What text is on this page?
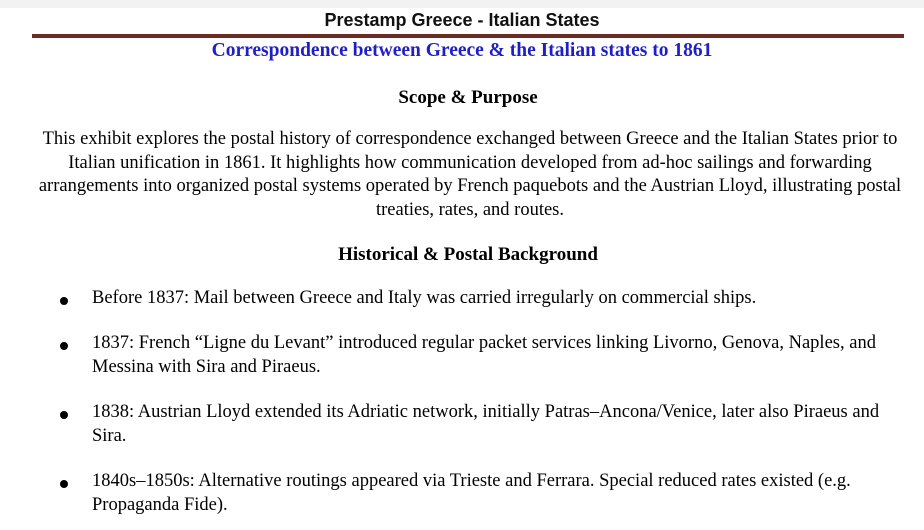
Prestamp Greece - Italian States
Correspondence between Greece & the Italian states to 1861
Scope & Purpose

This exhibit explores the postal history of correspondence exchanged between Greece and the Italian States prior to Italian unification in 1861. It highlights how communication developed from ad-hoc sailings and forwarding arrangements into organized postal systems operated by French paquebots and the Austrian Lloyd, illustrating postal treaties, rates, and routes.

Historical & Postal Background
Before 1837: Mail between Greece and Italy was carried irregularly on commercial ships.
1837: French “Ligne du Levant” introduced regular packet services linking Livorno, Genova, Naples, and Messina with Sira and Piraeus.
1838: Austrian Lloyd extended its Adriatic network, initially Patras–Ancona/Venice, later also Piraeus and Sira.
1840s–1850s: Alternative routings appeared via Trieste and Ferrara. Special reduced rates existed (e.g. Propaganda Fide).
